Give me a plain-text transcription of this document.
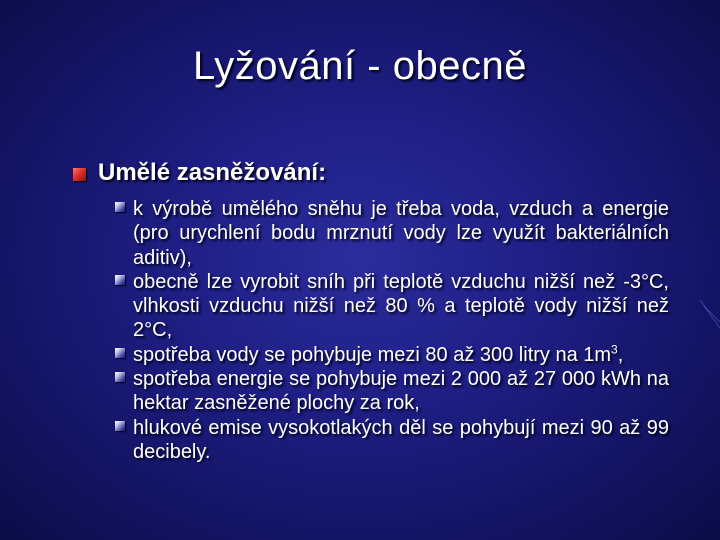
Lyžování - obecně
Umělé zasněžování:
k výrobě umělého sněhu je třeba voda, vzduch a energie (pro urychlení bodu mrznutí vody lze využít bakteriálních aditiv),
obecně lze vyrobit sníh při teplotě vzduchu nižší než -3°C, vlhkosti vzduchu nižší než 80 % a teplotě vody nižší než 2°C,
spotřeba vody se pohybuje mezi 80 až 300 litry na $1m^3$,
spotřeba energie se pohybuje mezi 2 000 až 27 000 kWh na hektar zasněžené plochy za rok,
hlukové emise vysokotlakých děl se pohybují mezi 90 až 99 decibely.
